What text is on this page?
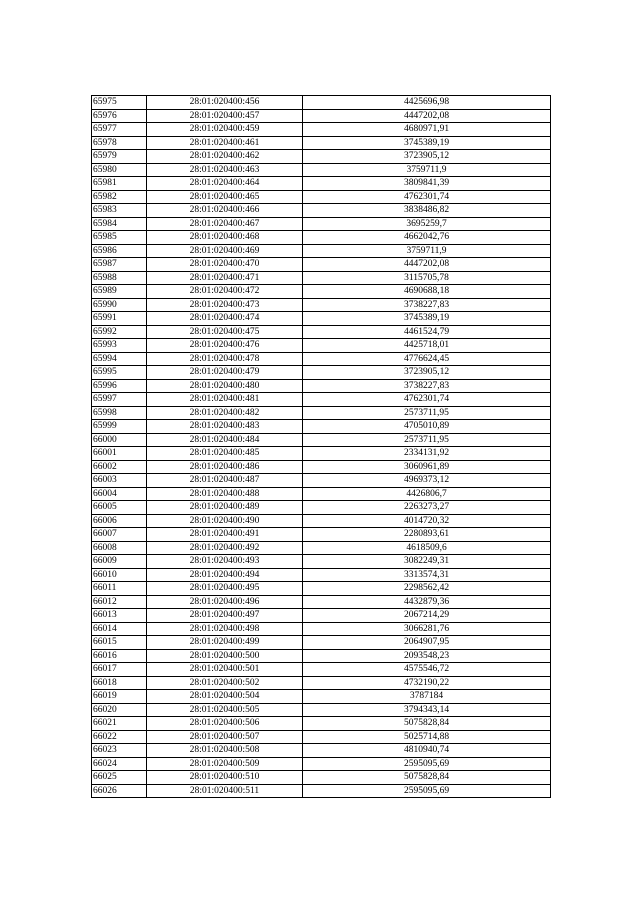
65975	28:01:020400:456	4425696,98
65976	28:01:020400:457	4447202,08
65977	28:01:020400:459	4680971,91
65978	28:01:020400:461	3745389,19
65979	28:01:020400:462	3723905,12
65980	28:01:020400:463	3759711,9
65981	28:01:020400:464	3809841,39
65982	28:01:020400:465	4762301,74
65983	28:01:020400:466	3838486,82
65984	28:01:020400:467	3695259,7
65985	28:01:020400:468	4662042,76
65986	28:01:020400:469	3759711,9
65987	28:01:020400:470	4447202,08
65988	28:01:020400:471	3115705,78
65989	28:01:020400:472	4690688,18
65990	28:01:020400:473	3738227,83
65991	28:01:020400:474	3745389,19
65992	28:01:020400:475	4461524,79
65993	28:01:020400:476	4425718,01
65994	28:01:020400:478	4776624,45
65995	28:01:020400:479	3723905,12
65996	28:01:020400:480	3738227,83
65997	28:01:020400:481	4762301,74
65998	28:01:020400:482	2573711,95
65999	28:01:020400:483	4705010,89
66000	28:01:020400:484	2573711,95
66001	28:01:020400:485	2334131,92
66002	28:01:020400:486	3060961,89
66003	28:01:020400:487	4969373,12
66004	28:01:020400:488	4426806,7
66005	28:01:020400:489	2263273,27
66006	28:01:020400:490	4014720,32
66007	28:01:020400:491	2280893,61
66008	28:01:020400:492	4618509,6
66009	28:01:020400:493	3082249,31
66010	28:01:020400:494	3313574,31
66011	28:01:020400:495	2298562,42
66012	28:01:020400:496	4432879,36
66013	28:01:020400:497	2067214,29
66014	28:01:020400:498	3066281,76
66015	28:01:020400:499	2064907,95
66016	28:01:020400:500	2093548,23
66017	28:01:020400:501	4575546,72
66018	28:01:020400:502	4732190,22
66019	28:01:020400:504	3787184
66020	28:01:020400:505	3794343,14
66021	28:01:020400:506	5075828,84
66022	28:01:020400:507	5025714,88
66023	28:01:020400:508	4810940,74
66024	28:01:020400:509	2595095,69
66025	28:01:020400:510	5075828,84
66026	28:01:020400:511	2595095,69
